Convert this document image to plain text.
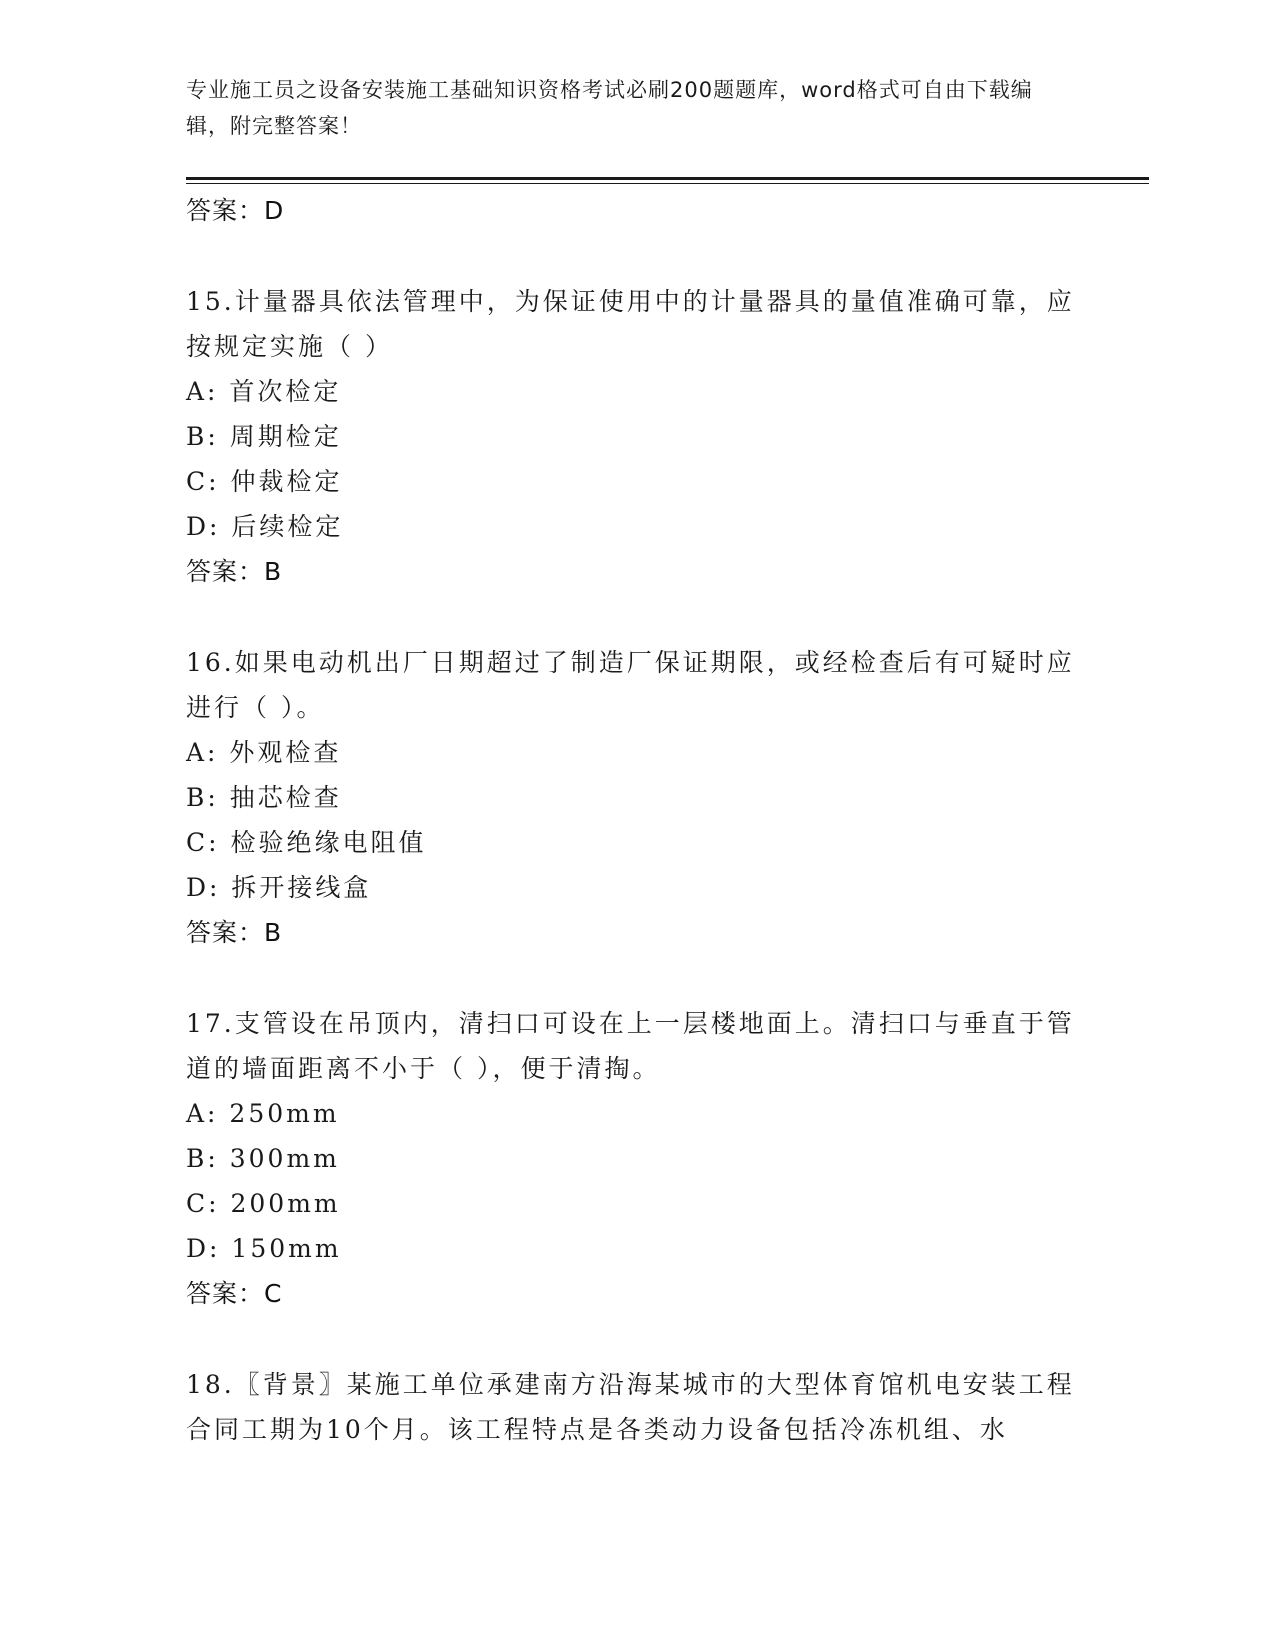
专业施工员之设备安装施工基础知识资格考试必刷200题题库，word格式可自由下载编辑，附完整答案！
答案：D

15.计量器具依法管理中，为保证使用中的计量器具的量值准确可靠，应按规定实施（ ）

A: 首次检定
B: 周期检定
C: 仲裁检定
D: 后续检定
答案：B

16.如果电动机出厂日期超过了制造厂保证期限，或经检查后有可疑时应进行（ ）。

A: 外观检查
B: 抽芯检查
C: 检验绝缘电阻值
D: 拆开接线盒
答案：B

17.支管设在吊顶内，清扫口可设在上一层楼地面上。清扫口与垂直于管道的墙面距离不小于（ ），便于清掏。

A: 250mm
B: 300mm
C: 200mm
D: 150mm
答案：C

18.〖背景〗某施工单位承建南方沿海某城市的大型体育馆机电安装工程合同工期为10个月。该工程特点是各类动力设备包括冷冻机组、水
